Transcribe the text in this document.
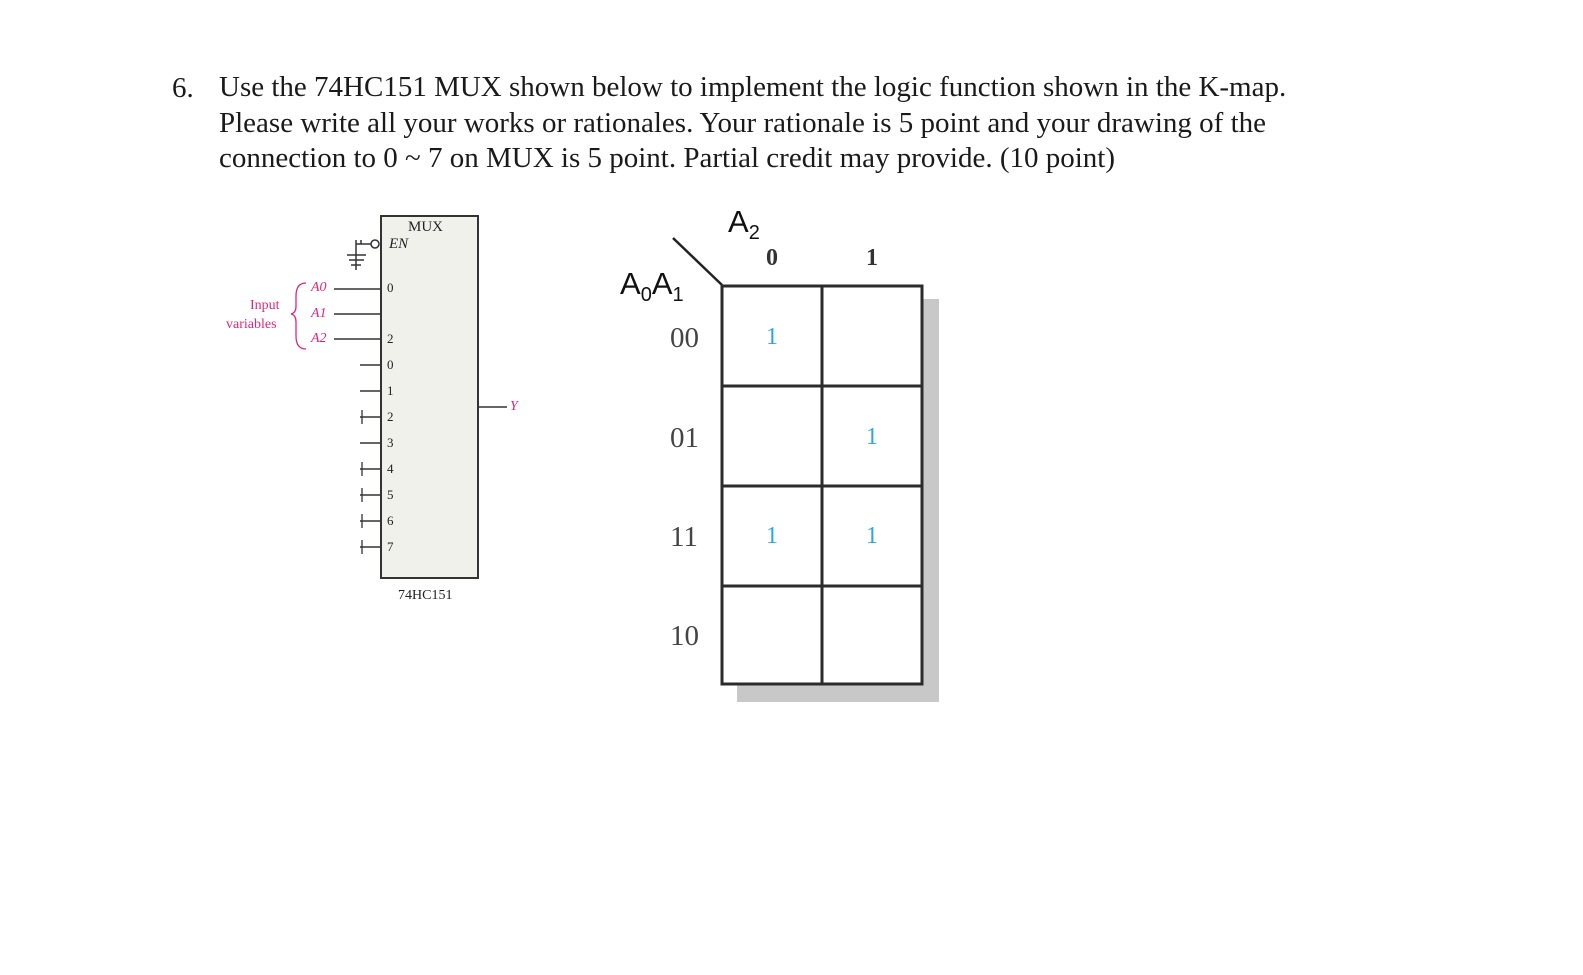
6. Use the 74HC151 MUX shown below to implement the logic function shown in the K-map.
Please write all your works or rationales. Your rationale is 5 point and your drawing of the
connection to 0 ~ 7 on MUX is 5 point. Partial credit may provide. (10 point)
MUX
EN
0
2
0
1
2
3
4
5
6
7
Y
74HC151
Input
variables
A0
A1
A2
$A_2$
$A_0A_1$
0	1
00
01
11
10
1
1
1	1
